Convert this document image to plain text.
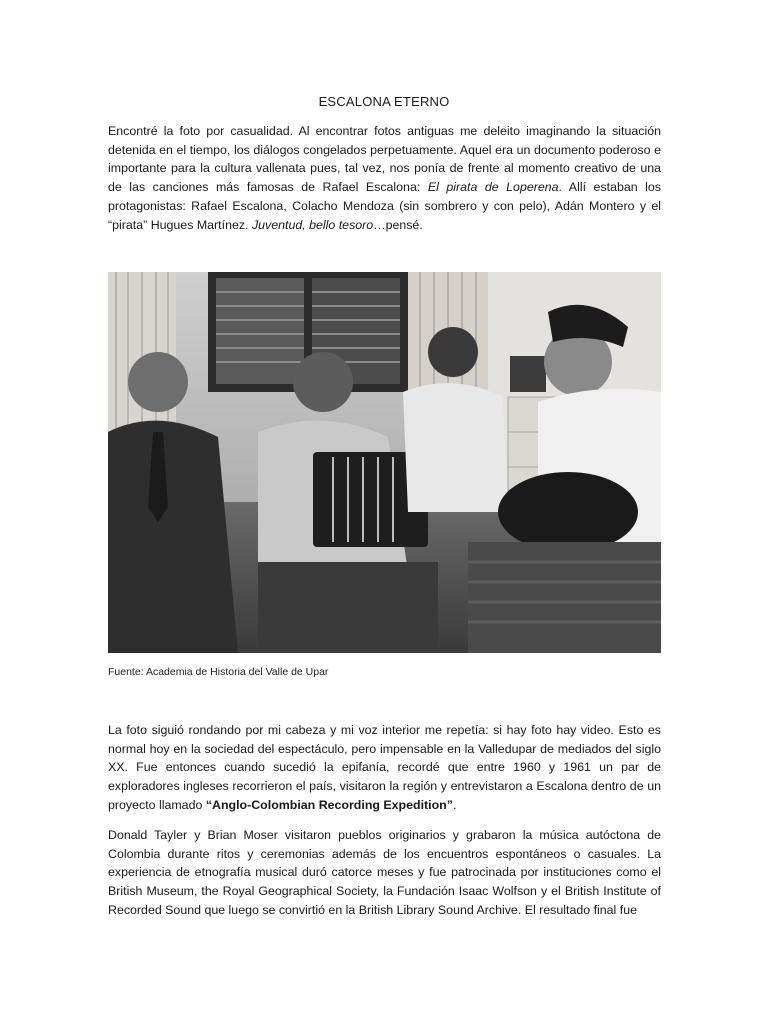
ESCALONA ETERNO
Encontré la foto por casualidad. Al encontrar fotos antiguas me deleito imaginando la situación detenida en el tiempo, los diálogos congelados perpetuamente. Aquel era un documento poderoso e importante para la cultura vallenata pues, tal vez, nos ponía de frente al momento creativo de una de las canciones más famosas de Rafael Escalona: El pirata de Loperena. Allí estaban los protagonistas: Rafael Escalona, Colacho Mendoza (sin sombrero y con pelo), Adán Montero y el “pirata” Hugues Martínez. Juventud, bello tesoro…pensé.
Fuente: Academia de Historia del Valle de Upar
La foto siguió rondando por mi cabeza y mi voz interior me repetía: si hay foto hay video. Esto es normal hoy en la sociedad del espectáculo, pero impensable en la Valledupar de mediados del siglo XX. Fue entonces cuando sucedió la epifanía, recordé que entre 1960 y 1961 un par de exploradores ingleses recorrieron el país, visitaron la región y entrevistaron a Escalona dentro de un proyecto llamado “Anglo-Colombian Recording Expedition”.
Donald Tayler y Brian Moser visitaron pueblos originarios y grabaron la música autóctona de Colombia durante ritos y ceremonias además de los encuentros espontáneos o casuales. La experiencia de etnografía musical duró catorce meses y fue patrocinada por instituciones como el British Museum, the Royal Geographical Society, la Fundación Isaac Wolfson y el British Institute of Recorded Sound que luego se convirtió en la British Library Sound Archive. El resultado final fue
